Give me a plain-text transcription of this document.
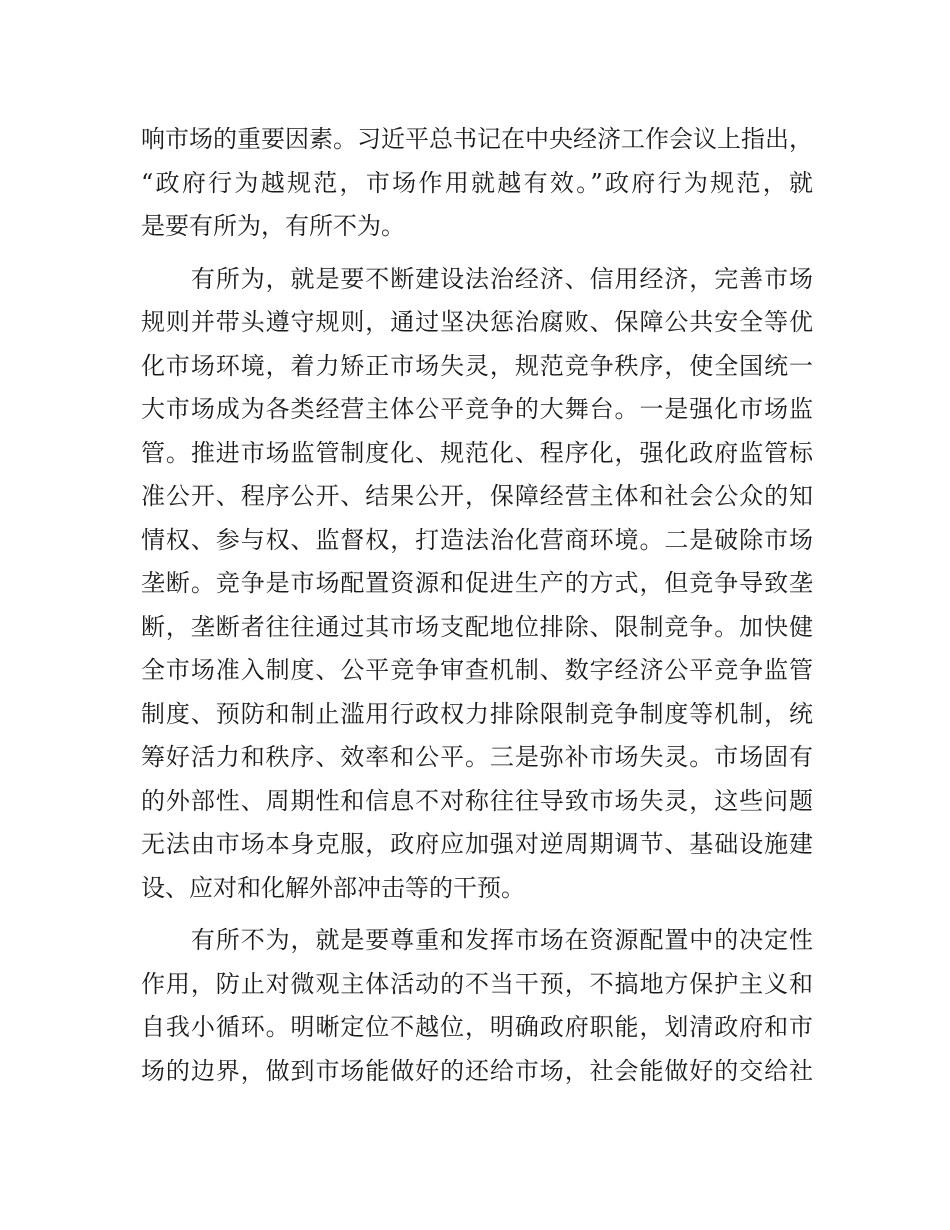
响市场的重要因素。习近平总书记在中央经济工作会议上指出，
“政府行为越规范，市场作用就越有效。”政府行为规范，就
是要有所为，有所不为。
　　有所为，就是要不断建设法治经济、信用经济，完善市场
规则并带头遵守规则，通过坚决惩治腐败、保障公共安全等优
化市场环境，着力矫正市场失灵，规范竞争秩序，使全国统一
大市场成为各类经营主体公平竞争的大舞台。一是强化市场监
管。推进市场监管制度化、规范化、程序化，强化政府监管标
准公开、程序公开、结果公开，保障经营主体和社会公众的知
情权、参与权、监督权，打造法治化营商环境。二是破除市场
垄断。竞争是市场配置资源和促进生产的方式，但竞争导致垄
断，垄断者往往通过其市场支配地位排除、限制竞争。加快健
全市场准入制度、公平竞争审查机制、数字经济公平竞争监管
制度、预防和制止滥用行政权力排除限制竞争制度等机制，统
筹好活力和秩序、效率和公平。三是弥补市场失灵。市场固有
的外部性、周期性和信息不对称往往导致市场失灵，这些问题
无法由市场本身克服，政府应加强对逆周期调节、基础设施建
设、应对和化解外部冲击等的干预。
　　有所不为，就是要尊重和发挥市场在资源配置中的决定性
作用，防止对微观主体活动的不当干预，不搞地方保护主义和
自我小循环。明晰定位不越位，明确政府职能，划清政府和市
场的边界，做到市场能做好的还给市场，社会能做好的交给社
